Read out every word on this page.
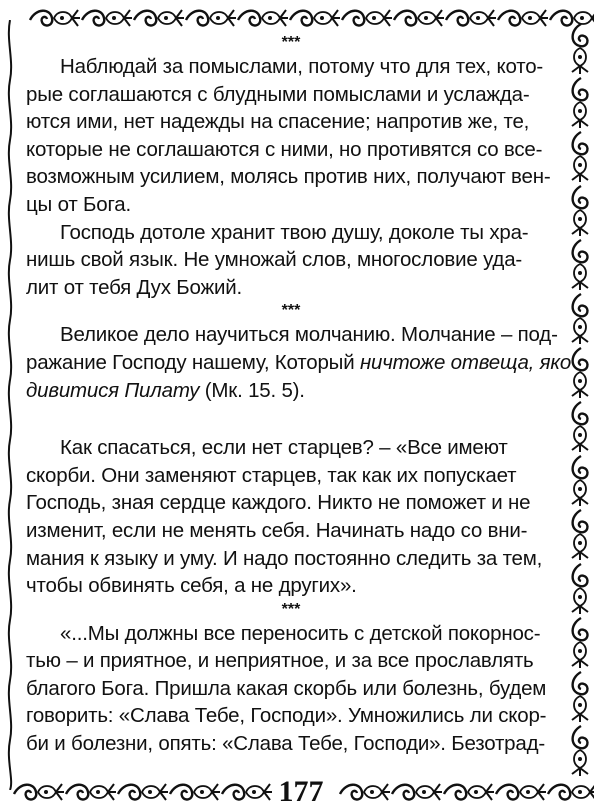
177
***
Наблюдай за помыслами, потому что для тех, кото-
рые соглашаются с блудными помыслами и услажда-
ются ими, нет надежды на спасение; напротив же, те,
которые не соглашаются с ними, но противятся со все-
возможным усилием, молясь против них, получают вен-
цы от Бога.
Господь дотоле хранит твою душу, доколе ты хра-
нишь свой язык. Не умножай слов, многословие уда-
лит от тебя Дух Божий.
***
Великое дело научиться молчанию. Молчание – под-
ражание Господу нашему, Который ничтоже отвеща, яко
дивитися Пилату (Мк. 15. 5).
Как спасаться, если нет старцев? – «Все имеют
скорби. Они заменяют старцев, так как их попускает
Господь, зная сердце каждого. Никто не поможет и не
изменит, если не менять себя. Начинать надо со вни-
мания к языку и уму. И надо постоянно следить за тем,
чтобы обвинять себя, а не других».
***
«...Мы должны все переносить с детской покорнос-
тью – и приятное, и неприятное, и за все прославлять
благого Бога. Пришла какая скорбь или болезнь, будем
говорить: «Слава Тебе, Господи». Умножились ли скор-
би и болезни, опять: «Слава Тебе, Господи». Безотрад-
